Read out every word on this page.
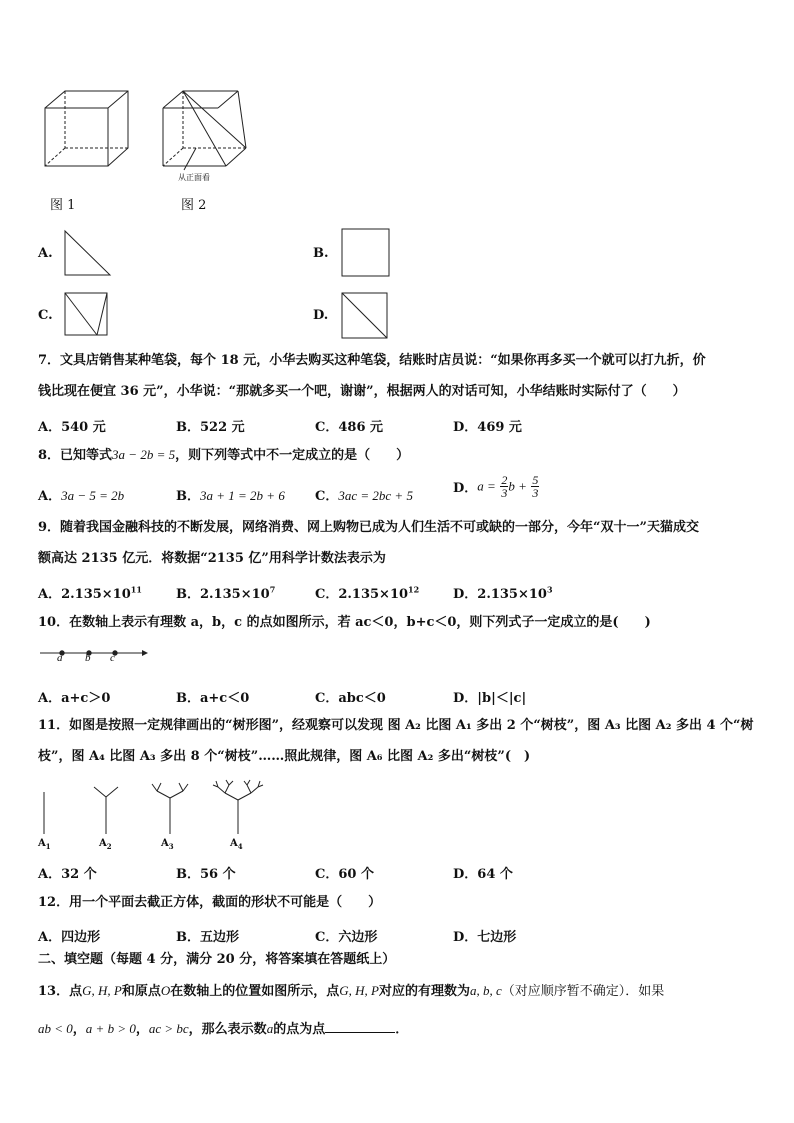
从正面看
图 1	图 2
A.	B.
C.	D.
7．文具店销售某种笔袋，每个 18 元，小华去购买这种笔袋，结账时店员说：“如果你再多买一个就可以打九折，价
钱比现在便宜 36 元”，小华说：“那就多买一个吧，谢谢”，根据两人的对话可知，小华结账时实际付了（　　）
A．540 元	B．522 元	C．486 元	D．469 元
8．已知等式3a − 2b = 5，则下列等式中不一定成立的是（　　）
A．3a − 5 = 2b	B．3a + 1 = 2b + 6 C．3ac = 2bc + 5	D．$a = \frac{2}{3}$ $b + \frac{5}{3}$
9．随着我国金融科技的不断发展，网络消费、网上购物已成为人们生活不可或缺的一部分，今年“双十一”天猫成交
额高达 2135 亿元．将数据“2135 亿”用科学计数法表示为
A．$2.135\times 10^{11}$	B．$2.135\times 10^7$	C．$2.135\times 10^{12}$	D．$2.135\times 10^3$
10．在数轴上表示有理数 a，b，c 的点如图所示，若 ac＜0，b+c＜0，则下列式子一定成立的是(　　)
a b c
A．a+c＞0	B．a+c＜0	C．abc＜0	D．|b|＜|c|
11．如图是按照一定规律画出的“树形图”，经观察可以发现 图 A₂ 比图 A₁ 多出 2 个“树枝”，图 A₃ 比图 A₂ 多出 4 个“树
枝”，图 A₄ 比图 A₃ 多出 8 个“树枝”……照此规律，图 A₆ 比图 A₂ 多出“树枝”(　)
$A_1$	$A_2$	$A_3$	$A_4$
A．32 个	B．56 个	C．60 个	D．64 个
12．用一个平面去截正方体，截面的形状不可能是（　　）
A．四边形	B．五边形	C．六边形	D．七边形
二、填空题（每题 4 分，满分 20 分，将答案填在答题纸上）
13．点G, H, P和原点O在数轴上的位置如图所示，点G, H, P对应的有理数为a, b, c（对应顺序暂不确定）．如果
ab < 0，a + b > 0，ac > bc，那么表示数a的点为点	．
